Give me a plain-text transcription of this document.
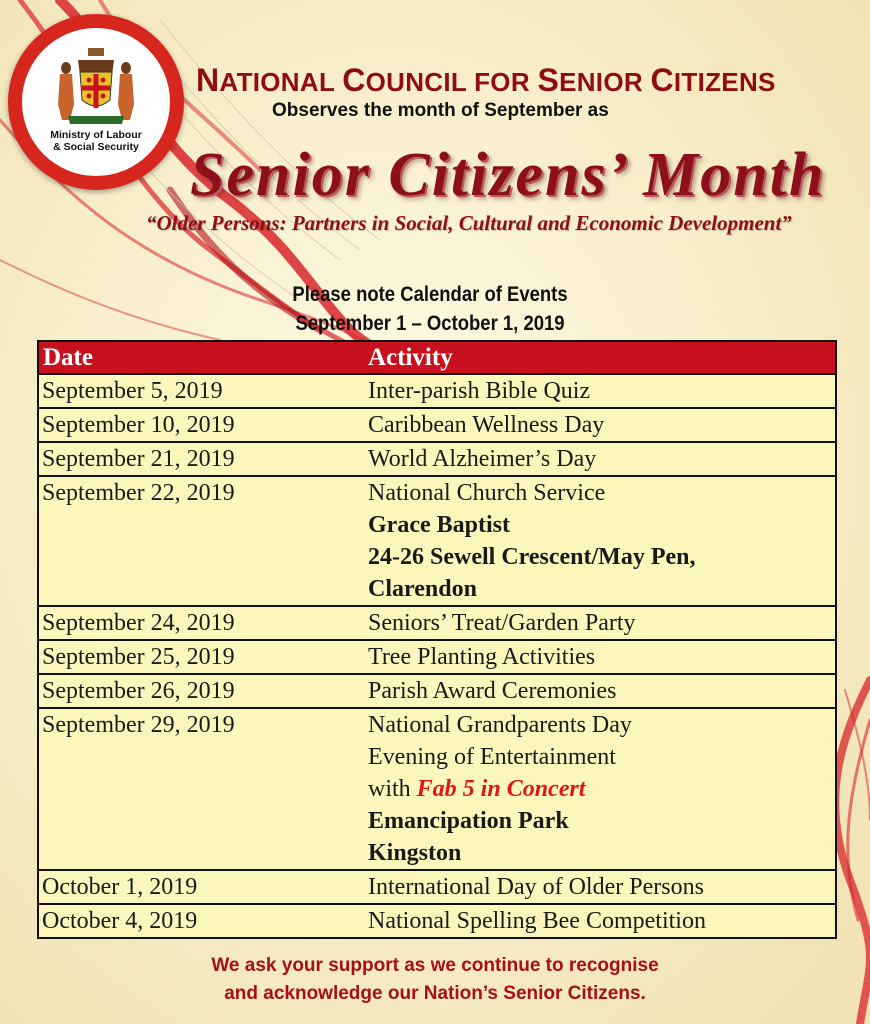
Ministry of Labour
& Social Security
NATIONAL COUNCIL FOR SENIOR CITIZENS
Observes the month of September as
Senior Citizens’ Month
“Older Persons: Partners in Social, Cultural and Economic Development”
Please note Calendar of Events
September 1 – October 1, 2019
Date	Activity
September 5, 2019	Inter-parish Bible Quiz

September 10, 2019	Caribbean Wellness Day

September 21, 2019	World Alzheimer’s Day

September 22, 2019	National Church Service
Grace Baptist
24-26 Sewell Crescent/May Pen,
Clarendon

September 24, 2019	Seniors’ Treat/Garden Party

September 25, 2019	Tree Planting Activities

September 26, 2019	Parish Award Ceremonies

September 29, 2019	National Grandparents Day
Evening of Entertainment
with Fab 5 in Concert
Emancipation Park
Kingston

October 1, 2019	International Day of Older Persons

October 4, 2019	National Spelling Bee Competition
We ask your support as we continue to recognise
and acknowledge our Nation’s Senior Citizens.
